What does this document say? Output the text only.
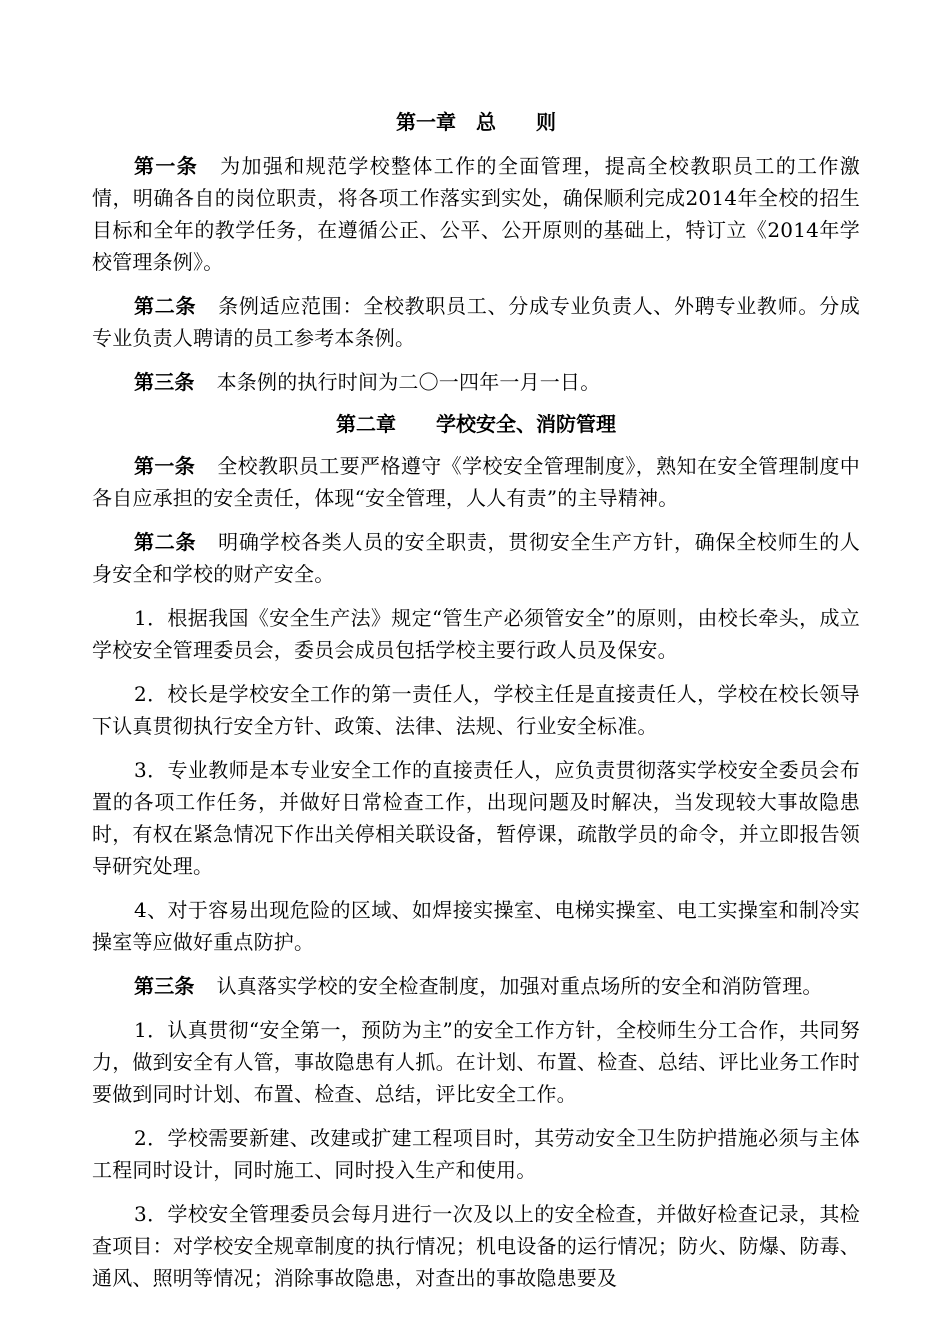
第一章　总　　则

第一条 为加强和规范学校整体工作的全面管理，提高全校教职员工的工作激情，明确各自的岗位职责，将各项工作落实到实处，确保顺利完成2014年全校的招生目标和全年的教学任务，在遵循公正、公平、公开原则的基础上，特订立《2014年学校管理条例》。

第二条 条例适应范围：全校教职员工、分成专业负责人、外聘专业教师。分成专业负责人聘请的员工参考本条例。

第三条 本条例的执行时间为二〇一四年一月一日。

第二章　　学校安全、消防管理

第一条 全校教职员工要严格遵守《学校安全管理制度》，熟知在安全管理制度中各自应承担的安全责任，体现“安全管理，人人有责”的主导精神。

第二条 明确学校各类人员的安全职责，贯彻安全生产方针，确保全校师生的人身安全和学校的财产安全。

1．根据我国《安全生产法》规定“管生产必须管安全”的原则，由校长牵头，成立学校安全管理委员会，委员会成员包括学校主要行政人员及保安。

2．校长是学校安全工作的第一责任人，学校主任是直接责任人，学校在校长领导下认真贯彻执行安全方针、政策、法律、法规、行业安全标准。

3．专业教师是本专业安全工作的直接责任人，应负责贯彻落实学校安全委员会布置的各项工作任务，并做好日常检查工作，出现问题及时解决，当发现较大事故隐患时，有权在紧急情况下作出关停相关联设备，暂停课，疏散学员的命令，并立即报告领导研究处理。

4、对于容易出现危险的区域、如焊接实操室、电梯实操室、电工实操室和制冷实操室等应做好重点防护。

第三条 认真落实学校的安全检查制度，加强对重点场所的安全和消防管理。

1．认真贯彻“安全第一，预防为主”的安全工作方针，全校师生分工合作，共同努力，做到安全有人管，事故隐患有人抓。在计划、布置、检查、总结、评比业务工作时要做到同时计划、布置、检查、总结，评比安全工作。

2．学校需要新建、改建或扩建工程项目时，其劳动安全卫生防护措施必须与主体工程同时设计，同时施工、同时投入生产和使用。

3．学校安全管理委员会每月进行一次及以上的安全检查，并做好检查记录，其检查项目：对学校安全规章制度的执行情况；机电设备的运行情况；防火、防爆、防毒、通风、照明等情况；消除事故隐患，对查出的事故隐患要及
